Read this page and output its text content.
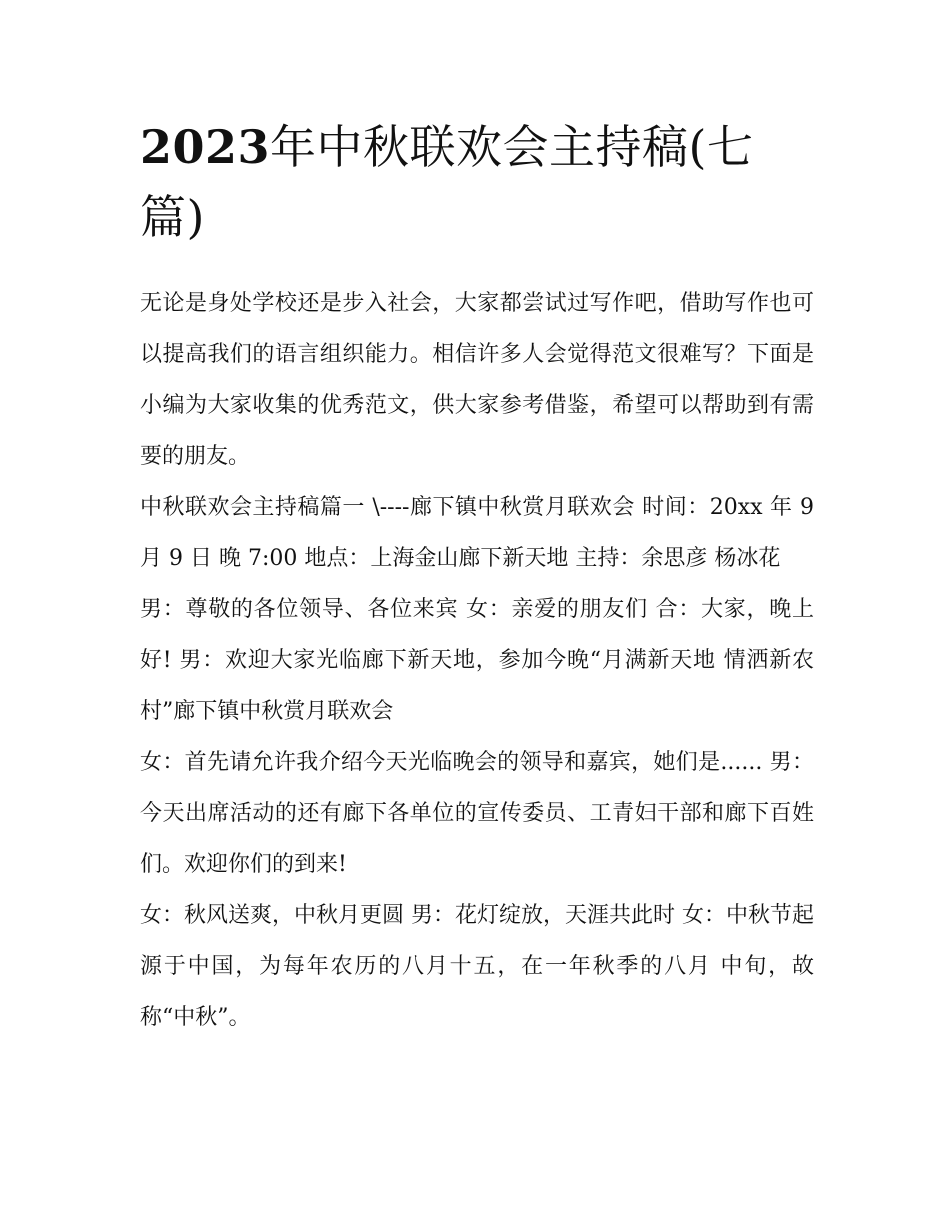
2023年中秋联欢会主持稿(七篇)

无论是身处学校还是步入社会，大家都尝试过写作吧，借助写作也可以提高我们的语言组织能力。相信许多人会觉得范文很难写？下面是小编为大家收集的优秀范文，供大家参考借鉴，希望可以帮助到有需要的朋友。

中秋联欢会主持稿篇一 \----廊下镇中秋赏月联欢会 时间：20xx 年 9 月 9 日 晚 7:00 地点：上海金山廊下新天地 主持：余思彦 杨冰花

男：尊敬的各位领导、各位来宾 女：亲爱的朋友们 合：大家，晚上好! 男：欢迎大家光临廊下新天地，参加今晚“月满新天地 情洒新农村”廊下镇中秋赏月联欢会

女：首先请允许我介绍今天光临晚会的领导和嘉宾，她们是...... 男：今天出席活动的还有廊下各单位的宣传委员、工青妇干部和廊下百姓们。欢迎你们的到来!

女：秋风送爽，中秋月更圆 男：花灯绽放，天涯共此时 女：中秋节起源于中国，为每年农历的八月十五，在一年秋季的八月 中旬，故称“中秋”。
